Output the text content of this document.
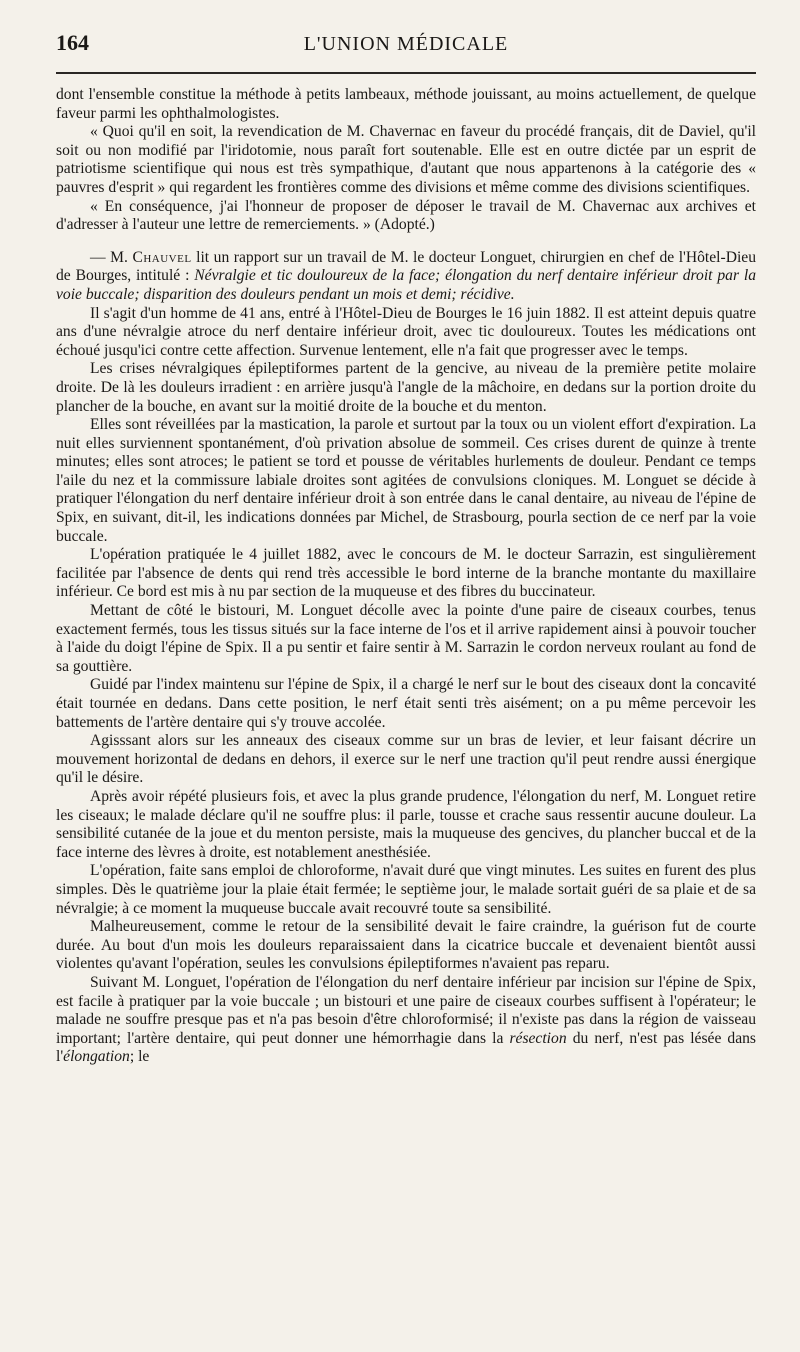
164	L'UNION MÉDICALE

dont l'ensemble constitue la méthode à petits lambeaux, méthode jouissant, au moins actuellement, de quelque faveur parmi les ophthalmologistes.

« Quoi qu'il en soit, la revendication de M. Chavernac en faveur du procédé français, dit de Daviel, qu'il soit ou non modifié par l'iridotomie, nous paraît fort soutenable. Elle est en outre dictée par un esprit de patriotisme scientifique qui nous est très sympathique, d'autant que nous appartenons à la catégorie des « pauvres d'esprit » qui regardent les frontières comme des divisions et même comme des divisions scientifiques.

« En conséquence, j'ai l'honneur de proposer de déposer le travail de M. Chavernac aux archives et d'adresser à l'auteur une lettre de remerciements. » (Adopté.)

— M. Chauvel lit un rapport sur un travail de M. le docteur Longuet, chirurgien en chef de l'Hôtel-Dieu de Bourges, intitulé : Névralgie et tic douloureux de la face; élongation du nerf dentaire inférieur droit par la voie buccale; disparition des douleurs pendant un mois et demi; récidive.

Il s'agit d'un homme de 41 ans, entré à l'Hôtel-Dieu de Bourges le 16 juin 1882. Il est atteint depuis quatre ans d'une névralgie atroce du nerf dentaire inférieur droit, avec tic douloureux. Toutes les médications ont échoué jusqu'ici contre cette affection. Survenue lentement, elle n'a fait que progresser avec le temps.

Les crises névralgiques épileptiformes partent de la gencive, au niveau de la première petite molaire droite. De là les douleurs irradient : en arrière jusqu'à l'angle de la mâchoire, en dedans sur la portion droite du plancher de la bouche, en avant sur la moitié droite de la bouche et du menton.

Elles sont réveillées par la mastication, la parole et surtout par la toux ou un violent effort d'expiration. La nuit elles surviennent spontanément, d'où privation absolue de sommeil. Ces crises durent de quinze à trente minutes; elles sont atroces; le patient se tord et pousse de véritables hurlements de douleur. Pendant ce temps l'aile du nez et la commissure labiale droites sont agitées de convulsions cloniques. M. Longuet se décide à pratiquer l'élongation du nerf dentaire inférieur droit à son entrée dans le canal dentaire, au niveau de l'épine de Spix, en suivant, dit-il, les indications données par Michel, de Strasbourg, pourla section de ce nerf par la voie buccale.

L'opération pratiquée le 4 juillet 1882, avec le concours de M. le docteur Sarrazin, est singulièrement facilitée par l'absence de dents qui rend très accessible le bord interne de la branche montante du maxillaire inférieur. Ce bord est mis à nu par section de la muqueuse et des fibres du buccinateur.

Mettant de côté le bistouri, M. Longuet décolle avec la pointe d'une paire de ciseaux courbes, tenus exactement fermés, tous les tissus situés sur la face interne de l'os et il arrive rapidement ainsi à pouvoir toucher à l'aide du doigt l'épine de Spix. Il a pu sentir et faire sentir à M. Sarrazin le cordon nerveux roulant au fond de sa gouttière.

Guidé par l'index maintenu sur l'épine de Spix, il a chargé le nerf sur le bout des ciseaux dont la concavité était tournée en dedans. Dans cette position, le nerf était senti très aisément; on a pu même percevoir les battements de l'artère dentaire qui s'y trouve accolée.

Agisssant alors sur les anneaux des ciseaux comme sur un bras de levier, et leur faisant décrire un mouvement horizontal de dedans en dehors, il exerce sur le nerf une traction qu'il peut rendre aussi énergique qu'il le désire.

Après avoir répété plusieurs fois, et avec la plus grande prudence, l'élongation du nerf, M. Longuet retire les ciseaux; le malade déclare qu'il ne souffre plus: il parle, tousse et crache saus ressentir aucune douleur. La sensibilité cutanée de la joue et du menton persiste, mais la muqueuse des gencives, du plancher buccal et de la face interne des lèvres à droite, est notablement anesthésiée.

L'opération, faite sans emploi de chloroforme, n'avait duré que vingt minutes. Les suites en furent des plus simples. Dès le quatrième jour la plaie était fermée; le septième jour, le malade sortait guéri de sa plaie et de sa névralgie; à ce moment la muqueuse buccale avait recouvré toute sa sensibilité.

Malheureusement, comme le retour de la sensibilité devait le faire craindre, la guérison fut de courte durée. Au bout d'un mois les douleurs reparaissaient dans la cicatrice buccale et devenaient bientôt aussi violentes qu'avant l'opération, seules les convulsions épileptiformes n'avaient pas reparu.

Suivant M. Longuet, l'opération de l'élongation du nerf dentaire inférieur par incision sur l'épine de Spix, est facile à pratiquer par la voie buccale ; un bistouri et une paire de ciseaux courbes suffisent à l'opérateur; le malade ne souffre presque pas et n'a pas besoin d'être chloroformisé; il n'existe pas dans la région de vaisseau important; l'artère dentaire, qui peut donner une hémorrhagie dans la résection du nerf, n'est pas lésée dans l'élongation; le
